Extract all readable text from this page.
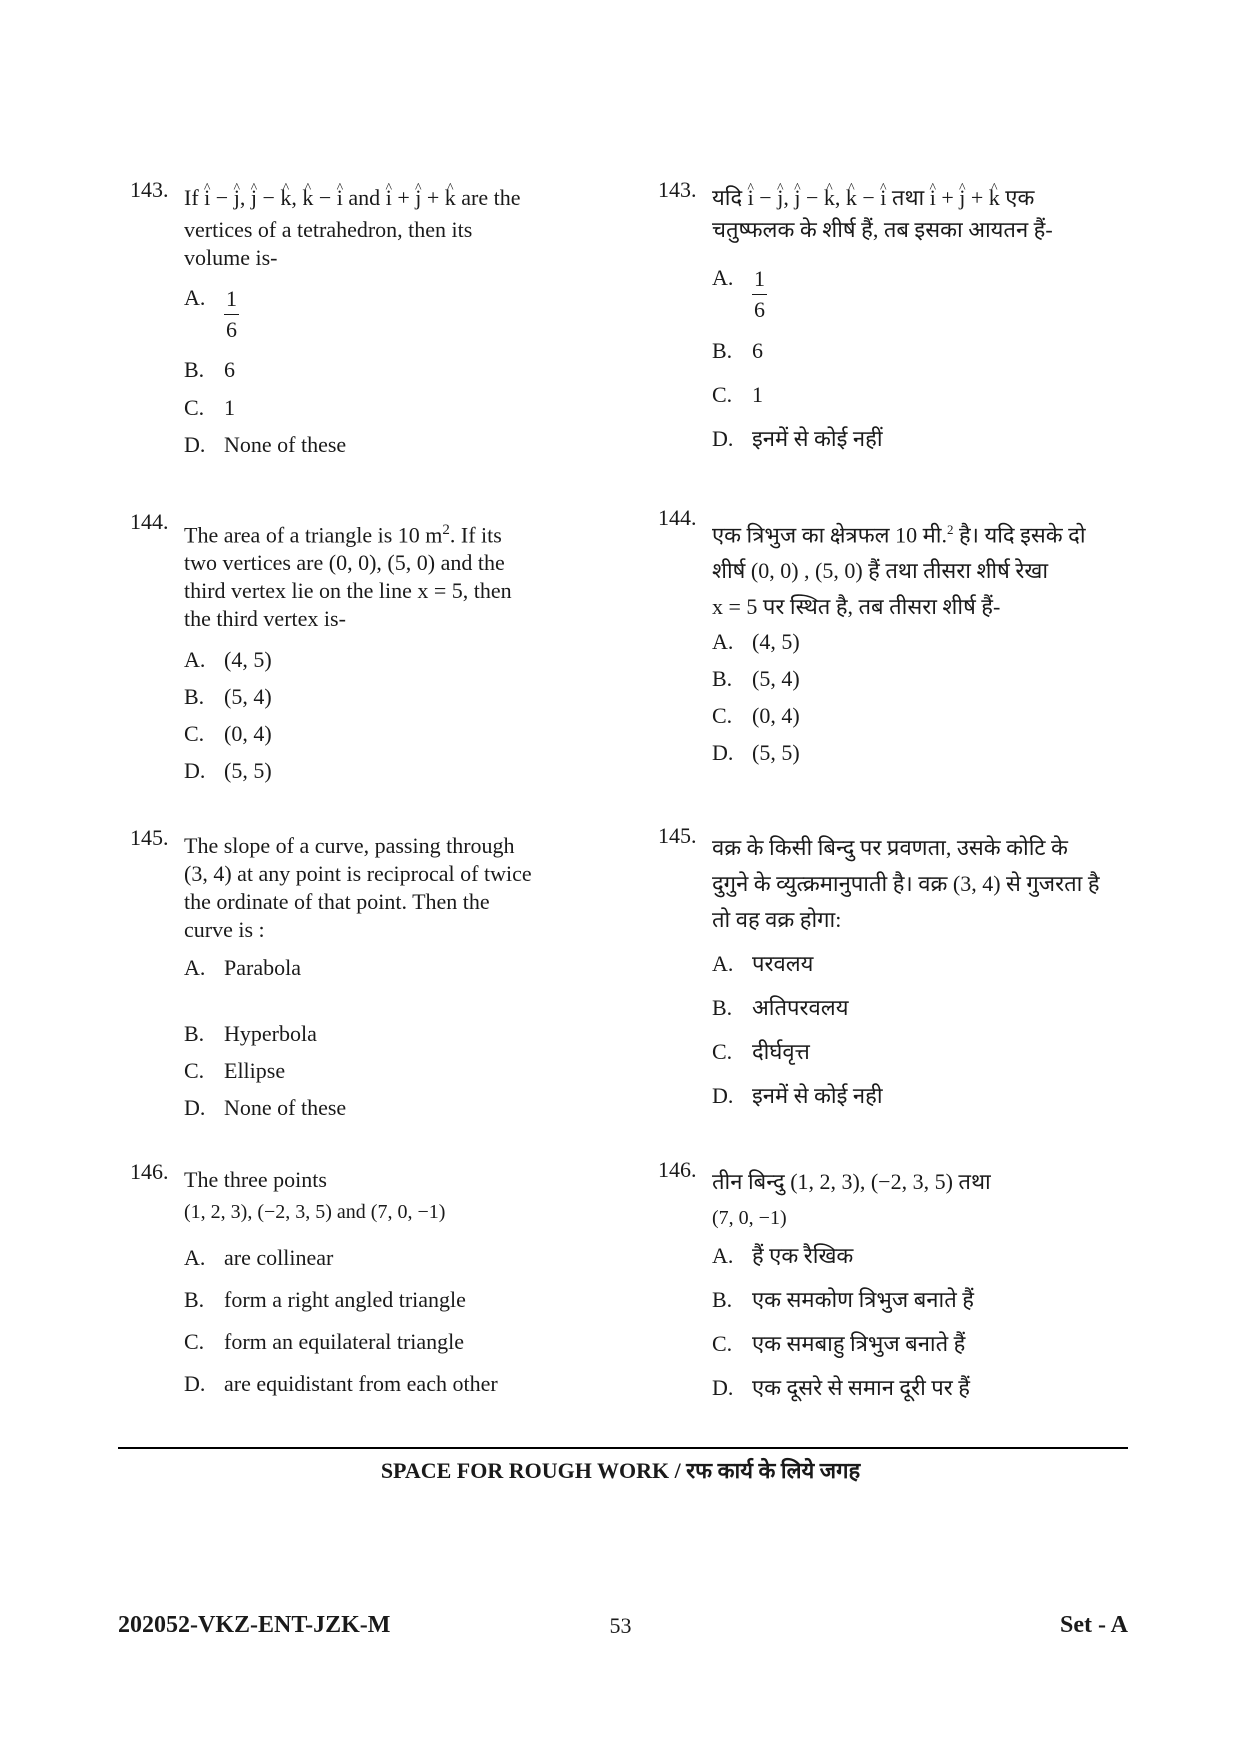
143. If ^ i − ^ j, ^ j − ^ k, ^ k − ^ i and ^ i + ^ j + ^ k are the
vertices of a tetrahedron, then its
volume is-
A. $\frac{1}{6}$
B. 6
C. 1
D. None of these
144.
The area of a triangle is 10 $m^2$. If its
two vertices are (0, 0), (5, 0) and the
third vertex lie on the line x = 5, then
the third vertex is-
A. (4, 5)
B. (5, 4)
C. (0, 4)
D. (5, 5)
145. The slope of a curve, passing through
(3, 4) at any point is reciprocal of twice
the ordinate of that point. Then the
curve is :
A. Parabola
B. Hyperbola
C. Ellipse
D. None of these
146. The three points
(1, 2, 3), (−2, 3, 5) and (7, 0, −1)
A. are collinear
B. form a right angled triangle
C. form an equilateral triangle
D. are equidistant from each other
143. यदि ^ i − ^ j, ^ j − ^ k, ^ k − ^ i तथा ^ i + ^ j + ^ k एक
चतुष्फलक के शीर्ष हैं, तब इसका आयतन हैं-
A. $\frac{1}{6}$
B. 6
C. 1
D. इनमें से कोई नहीं
144.
एक त्रिभुज का क्षेत्रफल 10 मी.$^2$ है। यदि इसके दो
शीर्ष (0, 0) , (5, 0) हैं तथा तीसरा शीर्ष रेखा
x = 5 पर स्थित है, तब तीसरा शीर्ष हैं-
A. (4, 5)
B. (5, 4)
C. (0, 4)
D. (5, 5)
145. वक्र के किसी बिन्दु पर प्रवणता, उसके कोटि के
दुगुने के व्युत्क्रमानुपाती है। वक्र (3, 4) से गुजरता है
तो वह वक्र होगा:
A. परवलय
B. अतिपरवलय
C. दीर्घवृत्त
D. इनमें से कोई नही
146. तीन बिन्दु (1, 2, 3), (−2, 3, 5) तथा
(7, 0, −1)
A. हैं एक रैखिक
B. एक समकोण त्रिभुज बनाते हैं
C. एक समबाहु त्रिभुज बनाते हैं
D. एक दूसरे से समान दूरी पर हैं
SPACE FOR ROUGH WORK / रफ कार्य के लिये जगह
202052-VKZ-ENT-JZK-M	53	Set - A
